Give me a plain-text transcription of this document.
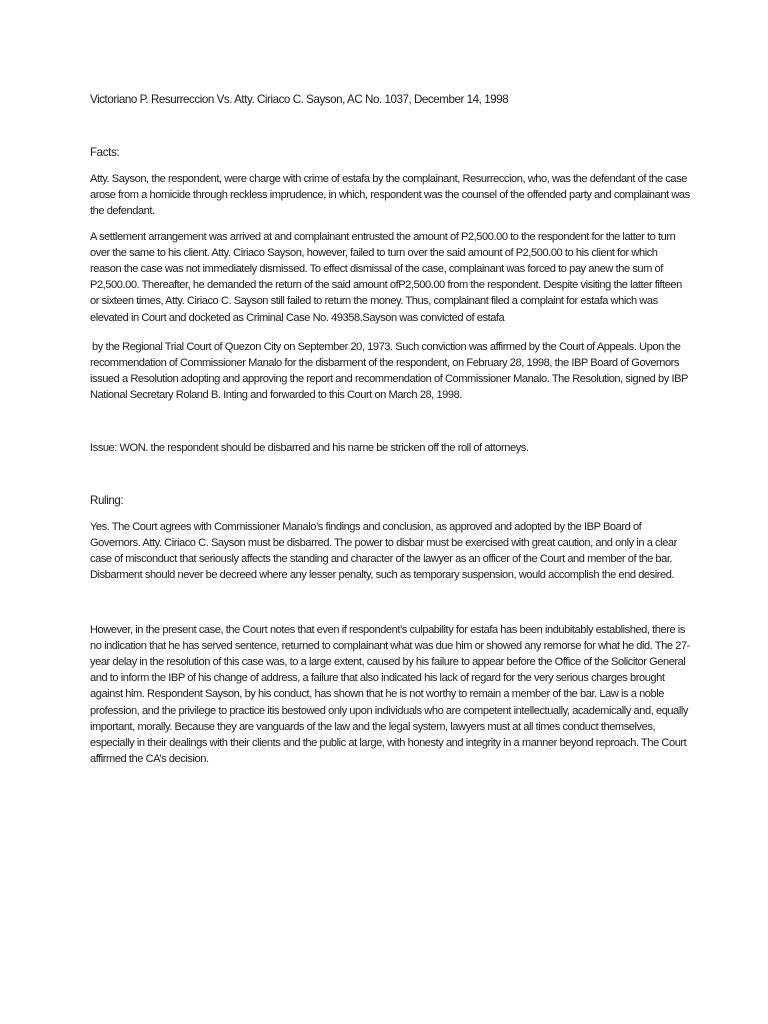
Victoriano P. Resurreccion Vs. Atty. Ciriaco C. Sayson, AC No. 1037, December 14, 1998

Facts:

Atty. Sayson, the respondent, were charge with crime of estafa by the complainant, Resurreccion, who, was the defendant of the case arose from a homicide through reckless imprudence, in which, respondent was the counsel of the offended party and complainant was the defendant.

A settlement arrangement was arrived at and complainant entrusted the amount of P2,500.00 to the respondent for the latter to turn over the same to his client. Atty. Ciriaco Sayson, however, failed to turn over the said amount of P2,500.00 to his client for which reason the case was not immediately dismissed. To effect dismissal of the case, complainant was forced to pay anew the sum of P2,500.00. Thereafter, he demanded the return of the said amount ofP2,500.00 from the respondent. Despite visiting the latter fifteen or sixteen times, Atty. Ciriaco C. Sayson still failed to return the money. Thus, complainant filed a complaint for estafa which was elevated in Court and docketed as Criminal Case No. 49358.Sayson was convicted of estafa

by the Regional Trial Court of Quezon City on September 20, 1973. Such conviction was affirmed by the Court of Appeals. Upon the recommendation of Commissioner Manalo for the disbarment of the respondent, on February 28, 1998, the IBP Board of Governors issued a Resolution adopting and approving the report and recommendation of Commissioner Manalo. The Resolution, signed by IBP National Secretary Roland B. Inting and forwarded to this Court on March 28, 1998.

Issue: WON. the respondent should be disbarred and his name be stricken off the roll of attorneys.

Ruling:

Yes. The Court agrees with Commissioner Manalo’s findings and conclusion, as approved and adopted by the IBP Board of Governors. Atty. Ciriaco C. Sayson must be disbarred. The power to disbar must be exercised with great caution, and only in a clear case of misconduct that seriously affects the standing and character of the lawyer as an officer of the Court and member of the bar. Disbarment should never be decreed where any lesser penalty, such as temporary suspension, would accomplish the end desired.

However, in the present case, the Court notes that even if respondent’s culpability for estafa has been indubitably established, there is no indication that he has served sentence, returned to complainant what was due him or showed any remorse for what he did. The 27-year delay in the resolution of this case was, to a large extent, caused by his failure to appear before the Office of the Solicitor General and to inform the IBP of his change of address, a failure that also indicated his lack of regard for the very serious charges brought against him. Respondent Sayson, by his conduct, has shown that he is not worthy to remain a member of the bar. Law is a noble profession, and the privilege to practice itis bestowed only upon individuals who are competent intellectually, academically and, equally important, morally. Because they are vanguards of the law and the legal system, lawyers must at all times conduct themselves, especially in their dealings with their clients and the public at large, with honesty and integrity in a manner beyond reproach. The Court affirmed the CA’s decision.
